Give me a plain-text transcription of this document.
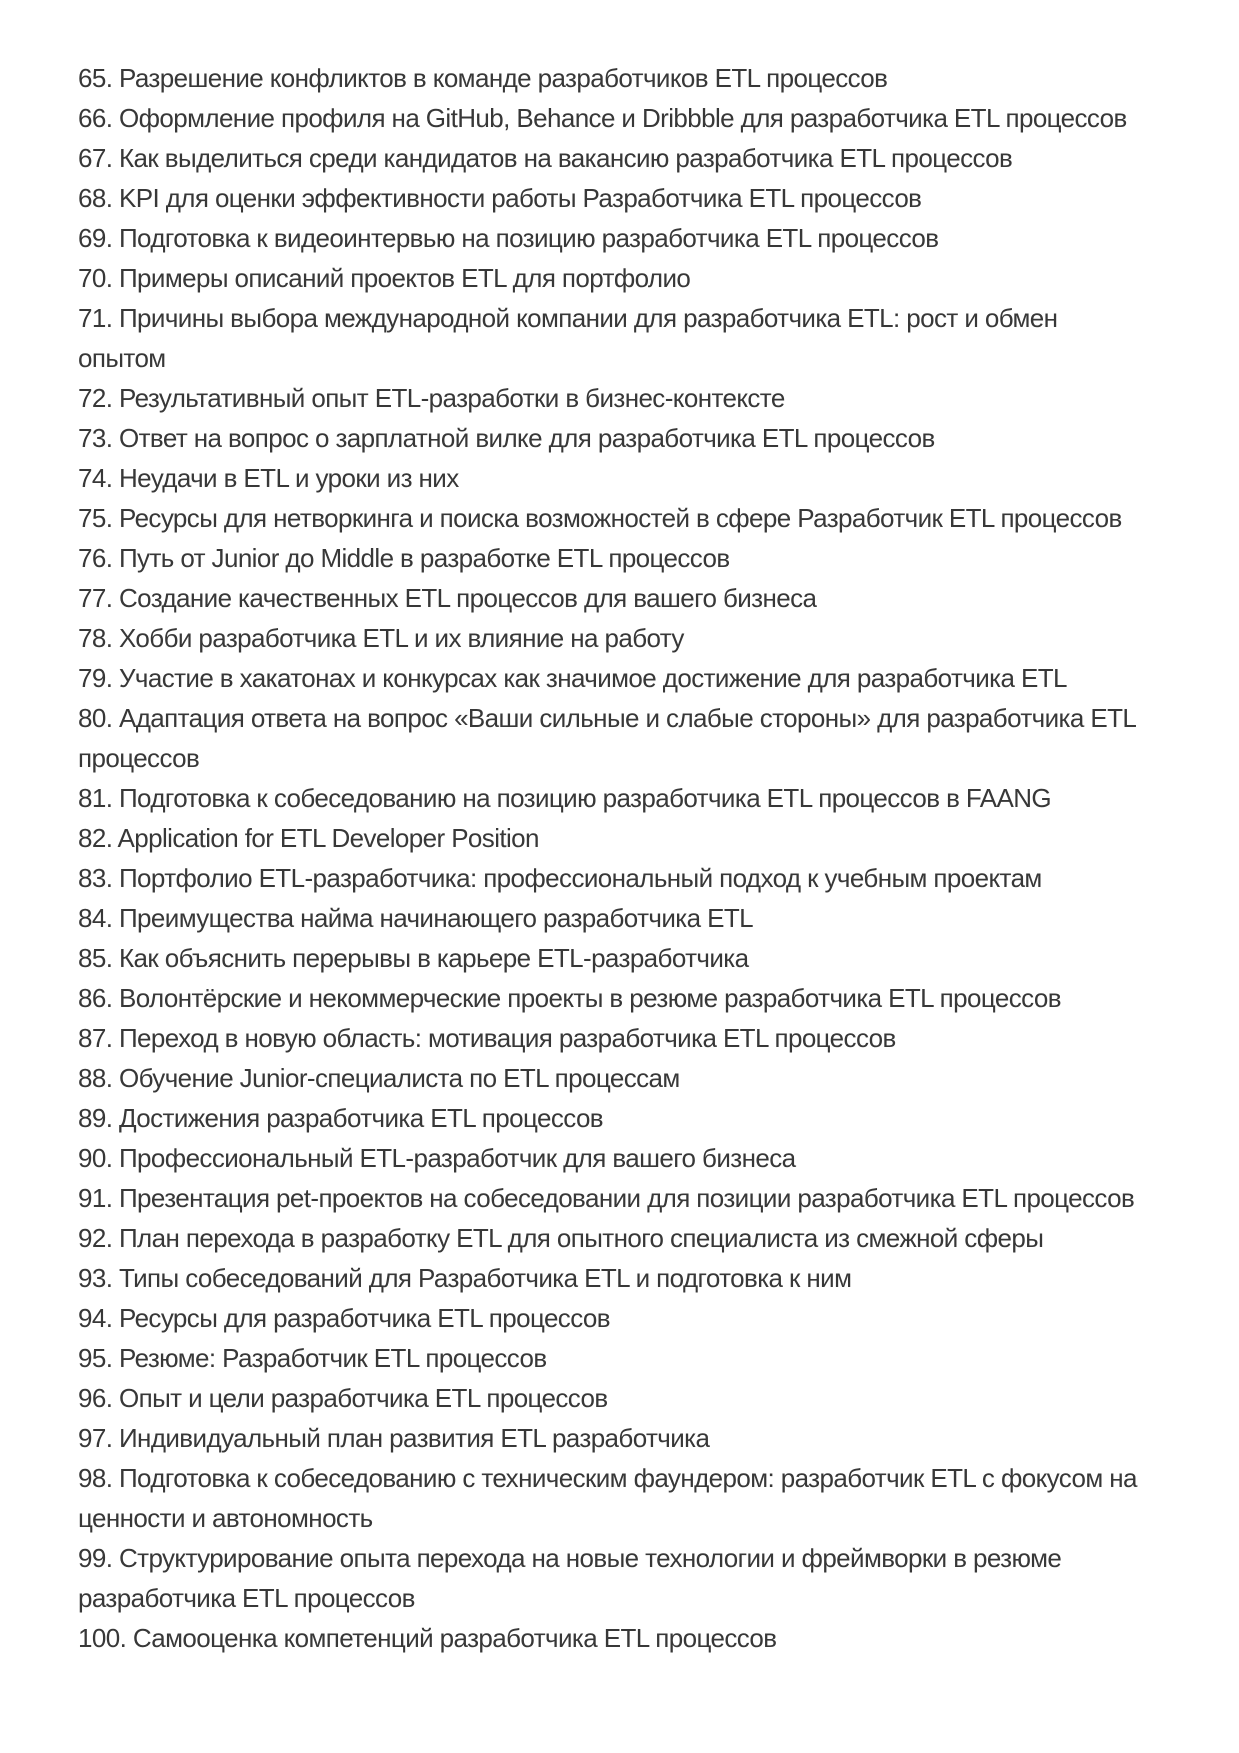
65. Разрешение конфликтов в команде разработчиков ETL процессов
66. Оформление профиля на GitHub, Behance и Dribbble для разработчика ETL процессов
67. Как выделиться среди кандидатов на вакансию разработчика ETL процессов
68. KPI для оценки эффективности работы Разработчика ETL процессов
69. Подготовка к видеоинтервью на позицию разработчика ETL процессов
70. Примеры описаний проектов ETL для портфолио
71. Причины выбора международной компании для разработчика ETL: рост и обмен
опытом
72. Результативный опыт ETL-разработки в бизнес-контексте
73. Ответ на вопрос о зарплатной вилке для разработчика ETL процессов
74. Неудачи в ETL и уроки из них
75. Ресурсы для нетворкинга и поиска возможностей в сфере Разработчик ETL процессов
76. Путь от Junior до Middle в разработке ETL процессов
77. Создание качественных ETL процессов для вашего бизнеса
78. Хобби разработчика ETL и их влияние на работу
79. Участие в хакатонах и конкурсах как значимое достижение для разработчика ETL
80. Адаптация ответа на вопрос «Ваши сильные и слабые стороны» для разработчика ETL
процессов
81. Подготовка к собеседованию на позицию разработчика ETL процессов в FAANG
82. Application for ETL Developer Position
83. Портфолио ETL-разработчика: профессиональный подход к учебным проектам
84. Преимущества найма начинающего разработчика ETL
85. Как объяснить перерывы в карьере ETL-разработчика
86. Волонтёрские и некоммерческие проекты в резюме разработчика ETL процессов
87. Переход в новую область: мотивация разработчика ETL процессов
88. Обучение Junior-специалиста по ETL процессам
89. Достижения разработчика ETL процессов
90. Профессиональный ETL-разработчик для вашего бизнеса
91. Презентация pet-проектов на собеседовании для позиции разработчика ETL процессов
92. План перехода в разработку ETL для опытного специалиста из смежной сферы
93. Типы собеседований для Разработчика ETL и подготовка к ним
94. Ресурсы для разработчика ETL процессов
95. Резюме: Разработчик ETL процессов
96. Опыт и цели разработчика ETL процессов
97. Индивидуальный план развития ETL разработчика
98. Подготовка к собеседованию с техническим фаундером: разработчик ETL с фокусом на
ценности и автономность
99. Структурирование опыта перехода на новые технологии и фреймворки в резюме
разработчика ETL процессов
100. Самооценка компетенций разработчика ETL процессов
